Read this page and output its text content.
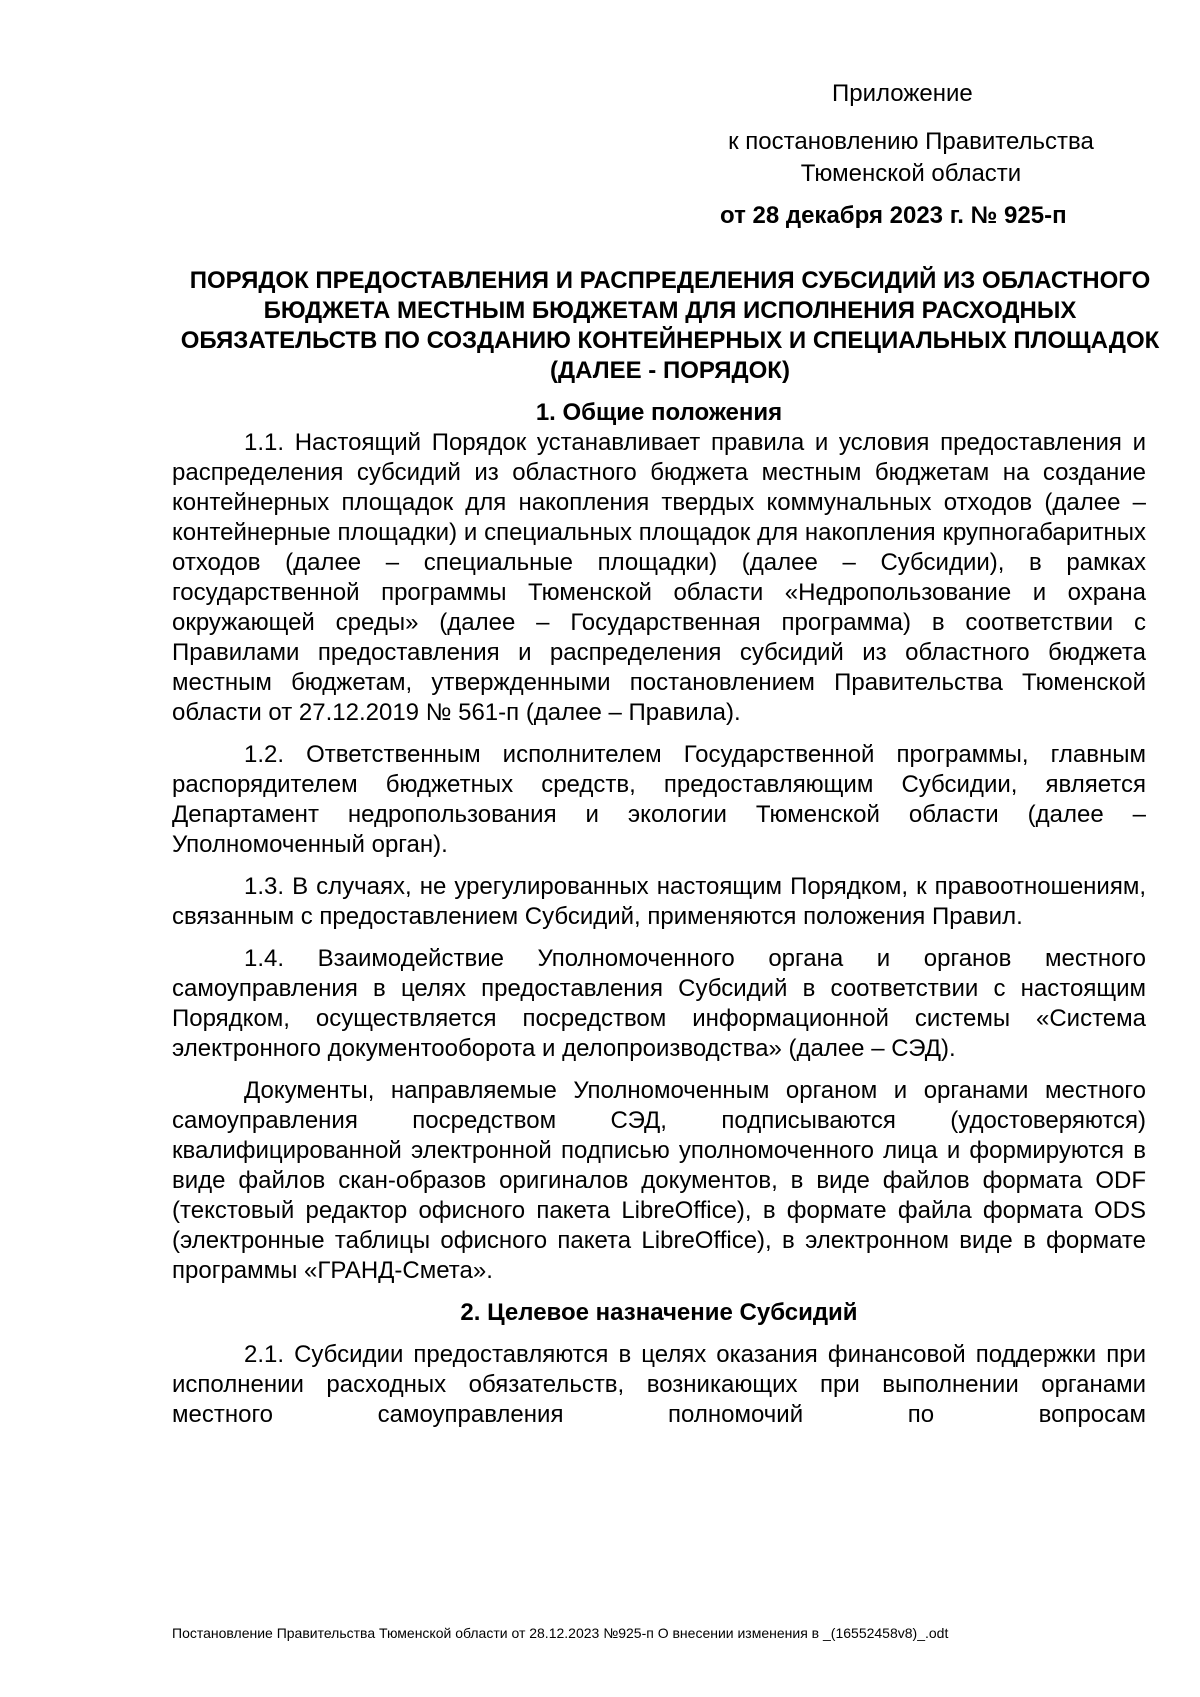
Приложение
к постановлению Правительства
Тюменской области
от 28 декабря 2023 г. № 925-п
ПОРЯДОК ПРЕДОСТАВЛЕНИЯ И РАСПРЕДЕЛЕНИЯ СУБСИДИЙ ИЗ ОБЛАСТНОГО БЮДЖЕТА МЕСТНЫМ БЮДЖЕТАМ ДЛЯ ИСПОЛНЕНИЯ РАСХОДНЫХ ОБЯЗАТЕЛЬСТВ ПО СОЗДАНИЮ КОНТЕЙНЕРНЫХ И СПЕЦИАЛЬНЫХ ПЛОЩАДОК (ДАЛЕЕ - ПОРЯДОК)

1. Общие положения

1.1. Настоящий Порядок устанавливает правила и условия предоставления и распределения субсидий из областного бюджета местным бюджетам на создание контейнерных площадок для накопления твердых коммунальных отходов (далее – контейнерные площадки) и специальных площадок для накопления крупногабаритных отходов (далее – специальные площадки) (далее – Субсидии), в рамках государственной программы Тюменской области «Недропользование и охрана окружающей среды» (далее – Государственная программа) в соответствии с Правилами предоставления и распределения субсидий из областного бюджета местным бюджетам, утвержденными постановлением Правительства Тюменской области от 27.12.2019 № 561-п (далее – Правила).

1.2. Ответственным исполнителем Государственной программы, главным распорядителем бюджетных средств, предоставляющим Субсидии, является Департамент недропользования и экологии Тюменской области (далее – Уполномоченный орган).

1.3. В случаях, не урегулированных настоящим Порядком, к правоотношениям, связанным с предоставлением Субсидий, применяются положения Правил.

1.4. Взаимодействие Уполномоченного органа и органов местного самоуправления в целях предоставления Субсидий в соответствии с настоящим Порядком, осуществляется посредством информационной системы «Система электронного документооборота и делопроизводства» (далее – СЭД).

Документы, направляемые Уполномоченным органом и органами местного самоуправления посредством СЭД, подписываются (удостоверяются) квалифицированной электронной подписью уполномоченного лица и формируются в виде файлов скан-образов оригиналов документов, в виде файлов формата ODF (текстовый редактор офисного пакета LibreOffice), в формате файла формата ODS (электронные таблицы офисного пакета LibreOffice), в электронном виде в формате программы «ГРАНД-Смета».

2. Целевое назначение Субсидий

2.1. Субсидии предоставляются в целях оказания финансовой поддержки при исполнении расходных обязательств, возникающих при выполнении органами местного самоуправления полномочий по вопросам

Постановление Правительства Тюменской области от 28.12.2023 №925-п О внесении изменения в _(16552458v8)_.odt
